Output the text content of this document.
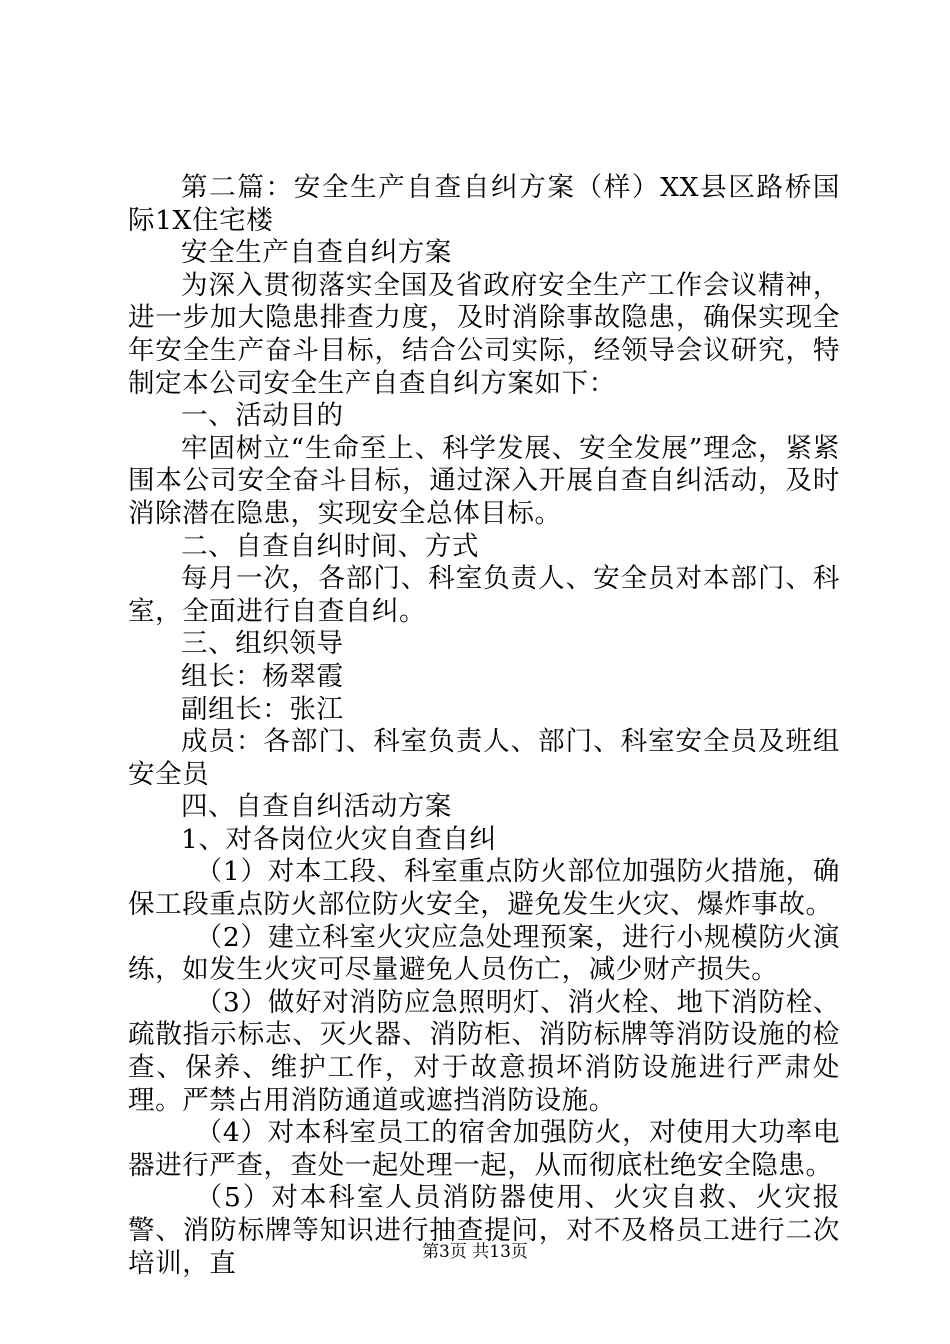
第二篇：安全生产自查自纠方案（样）XX县区路桥国际1X住宅楼

安全生产自查自纠方案

为深入贯彻落实全国及省政府安全生产工作会议精神，进一步加大隐患排查力度，及时消除事故隐患，确保实现全年安全生产奋斗目标，结合公司实际，经领导会议研究，特制定本公司安全生产自查自纠方案如下：

一、活动目的

牢固树立“生命至上、科学发展、安全发展”理念，紧紧围本公司安全奋斗目标，通过深入开展自查自纠活动，及时消除潜在隐患，实现安全总体目标。

二、自查自纠时间、方式

每月一次，各部门、科室负责人、安全员对本部门、科室，全面进行自查自纠。

三、组织领导

组长：杨翠霞

副组长：张江

成员：各部门、科室负责人、部门、科室安全员及班组安全员

四、自查自纠活动方案

1、对各岗位火灾自查自纠

（1）对本工段、科室重点防火部位加强防火措施，确保工段重点防火部位防火安全，避免发生火灾、爆炸事故。

（2）建立科室火灾应急处理预案，进行小规模防火演练，如发生火灾可尽量避免人员伤亡，减少财产损失。

（3）做好对消防应急照明灯、消火栓、地下消防栓、疏散指示标志、灭火器、消防柜、消防标牌等消防设施的检查、保养、维护工作，对于故意损坏消防设施进行严肃处理。严禁占用消防通道或遮挡消防设施。

（4）对本科室员工的宿舍加强防火，对使用大功率电器进行严查，查处一起处理一起，从而彻底杜绝安全隐患。

（5）对本科室人员消防器使用、火灾自救、火灾报警、消防标牌等知识进行抽查提问，对不及格员工进行二次培训，直	第3页 共13页
